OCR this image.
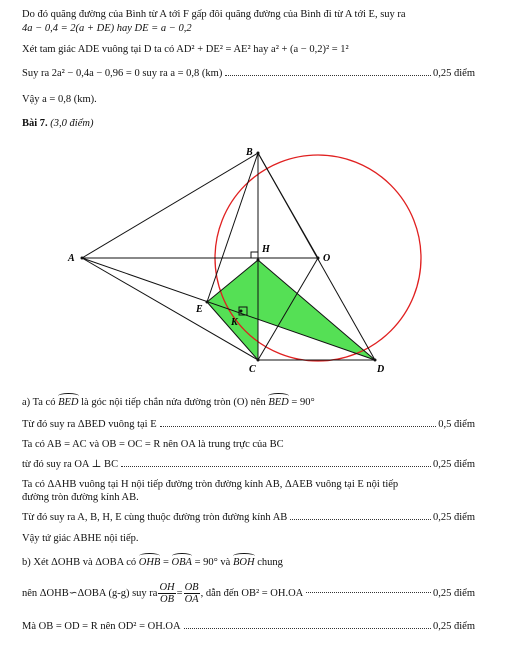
Do đó quãng đường của Bình từ A tới F gấp đôi quãng đường của Bình đi từ A tới E, suy ra
4a − 0,4 = 2(a + DE) hay DE = a − 0,2
Xét tam giác ADE vuông tại D ta có AD² + DE² = AE² hay a² + (a − 0,2)² = 1²
Suy ra 2a² − 0,4a − 0,96 = 0 suy ra a = 0,8 (km)	0,25 điểm
Vậy a = 0,8 (km).
Bài 7. (3,0 điểm)
A
B
C	D
E
H
K
O
a) Ta có BED là góc nội tiếp chắn nửa đường tròn (O) nên BED = 90°
Từ đó suy ra ΔBED vuông tại E	0,5 điểm
Ta có AB = AC và OB = OC = R nên OA là trung trực của BC
từ đó suy ra OA ⊥ BC	0,25 điểm
Ta có ΔAHB vuông tại H nội tiếp đường tròn đường kính AB, ΔAEB vuông tại E nội tiếp
đường tròn đường kính AB.
Từ đó suy ra A, B, H, E cùng thuộc đường tròn đường kính AB	0,25 điểm
Vậy tứ giác ABHE nội tiếp.
b) Xét ΔOHB và ΔOBA có OHB = OBA = 90° và BOH chung
nên ΔOHB∽ΔOBA (g-g) suy ra $\frac{OH}{OB} = \frac{OB}{OA}$ , dẫn đến OB² = OH.OA	0,25 điểm
Mà OB = OD = R nên OD² = OH.OA	0,25 điểm
